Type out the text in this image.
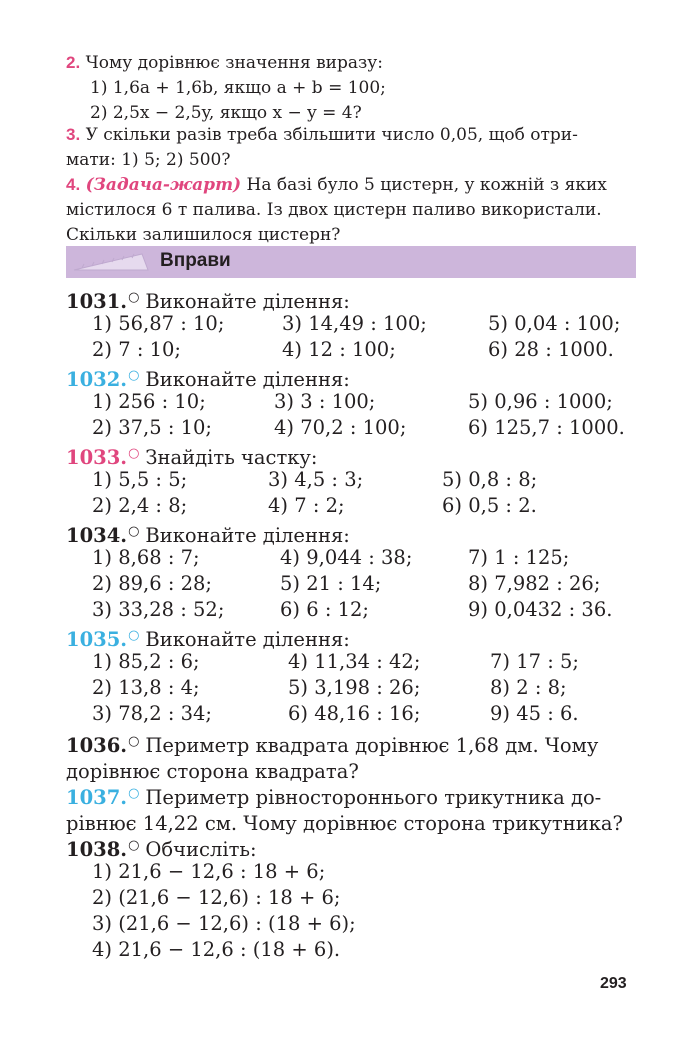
2. Чому дорівнює значення виразу:
1) 1,6a + 1,6b, якщо a + b = 100;
2) 2,5x − 2,5y, якщо x − y = 4?
3. У скільки разів треба збільшити число 0,05, щоб отри-
мати: 1) 5; 2) 500?
4. (Задача-жарт) На базі було 5 цистерн, у кожній з яких
містилося 6 т палива. Із двох цистерн паливо використали.
Скільки залишилося цистерн?
Вправи
1031.○ Виконайте ділення:
1) 56,87 : 10;	3) 14,49 : 100;	5) 0,04 : 100;
2) 7 : 10;	4) 12 : 100;	6) 28 : 1000.
1032.○ Виконайте ділення:
1) 256 : 10;	3) 3 : 100;	5) 0,96 : 1000;
2) 37,5 : 10;	4) 70,2 : 100;	6) 125,7 : 1000.
1033.○ Знайдіть частку:
1) 5,5 : 5;	3) 4,5 : 3;	5) 0,8 : 8;
2) 2,4 : 8;	4) 7 : 2;	6) 0,5 : 2.
1034.○ Виконайте ділення:
1) 8,68 : 7;	4) 9,044 : 38;	7) 1 : 125;
2) 89,6 : 28;	5) 21 : 14;	8) 7,982 : 26;
3) 33,28 : 52;	6) 6 : 12;	9) 0,0432 : 36.
1035.○ Виконайте ділення:
1) 85,2 : 6;	4) 11,34 : 42;	7) 17 : 5;
2) 13,8 : 4;	5) 3,198 : 26;	8) 2 : 8;
3) 78,2 : 34;	6) 48,16 : 16;	9) 45 : 6.
1036.○ Периметр квадрата дорівнює 1,68 дм. Чому
дорівнює сторона квадрата?
1037.○ Периметр рівностороннього трикутника до-
рівнює 14,22 см. Чому дорівнює сторона трикутника?
1038.○ Обчисліть:
1) 21,6 − 12,6 : 18 + 6;
2) (21,6 − 12,6) : 18 + 6;
3) (21,6 − 12,6) : (18 + 6);
4) 21,6 − 12,6 : (18 + 6).
293
